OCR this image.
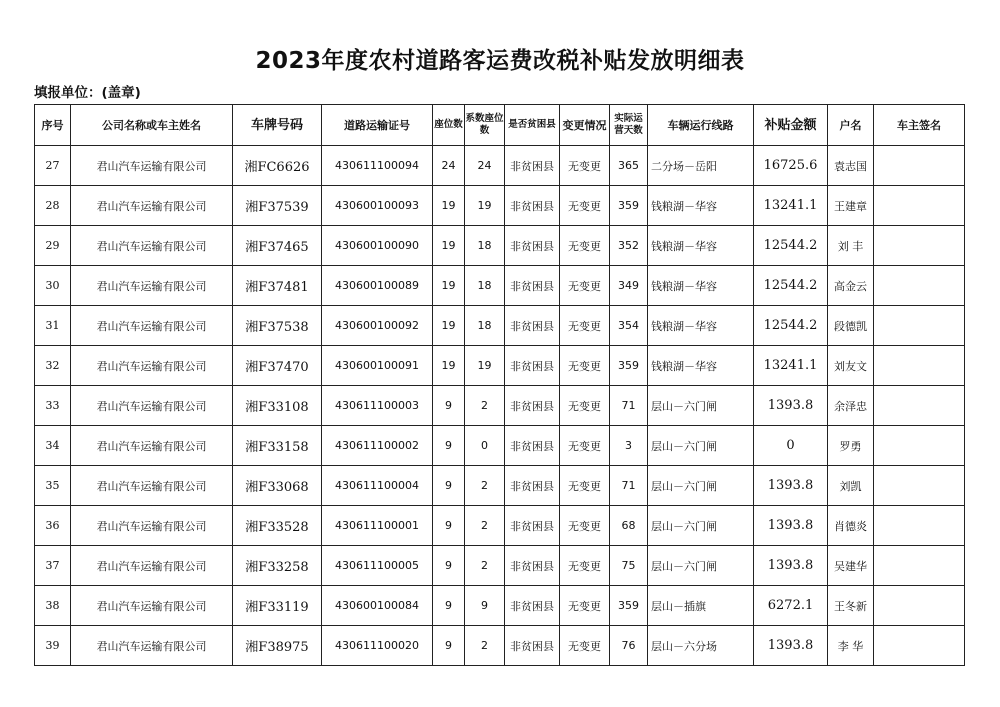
2023年度农村道路客运费改税补贴发放明细表
填报单位：(盖章)
序号	公司名称或车主姓名	车牌号码	道路运输证号	座位数	系数座位数	是否贫困县	变更情况	实际运营天数	车辆运行线路	补贴金额	户名	车主签名
27	君山汽车运输有限公司	湘FC6626	430611100094	24	24	非贫困县	无变更	365	二分场－岳阳	16725.6	袁志国	
28	君山汽车运输有限公司	湘F37539	430600100093	19	19	非贫困县	无变更	359	钱粮湖－华容	13241.1	王建章	
29	君山汽车运输有限公司	湘F37465	430600100090	19	18	非贫困县	无变更	352	钱粮湖－华容	12544.2	刘 丰	
30	君山汽车运输有限公司	湘F37481	430600100089	19	18	非贫困县	无变更	349	钱粮湖－华容	12544.2	高金云	
31	君山汽车运输有限公司	湘F37538	430600100092	19	18	非贫困县	无变更	354	钱粮湖－华容	12544.2	段德凯	
32	君山汽车运输有限公司	湘F37470	430600100091	19	19	非贫困县	无变更	359	钱粮湖－华容	13241.1	刘友文	
33	君山汽车运输有限公司	湘F33108	430611100003	9	2	非贫困县	无变更	71	层山－六门闸	1393.8	余泽忠	
34	君山汽车运输有限公司	湘F33158	430611100002	9	0	非贫困县	无变更	3	层山－六门闸	0	罗勇	
35	君山汽车运输有限公司	湘F33068	430611100004	9	2	非贫困县	无变更	71	层山－六门闸	1393.8	刘凯	
36	君山汽车运输有限公司	湘F33528	430611100001	9	2	非贫困县	无变更	68	层山－六门闸	1393.8	肖德炎	
37	君山汽车运输有限公司	湘F33258	430611100005	9	2	非贫困县	无变更	75	层山－六门闸	1393.8	吴建华	
38	君山汽车运输有限公司	湘F33119	430600100084	9	9	非贫困县	无变更	359	层山－插旗	6272.1	王冬新	
39	君山汽车运输有限公司	湘F38975	430611100020	9	2	非贫困县	无变更	76	层山－六分场	1393.8	李 华	
